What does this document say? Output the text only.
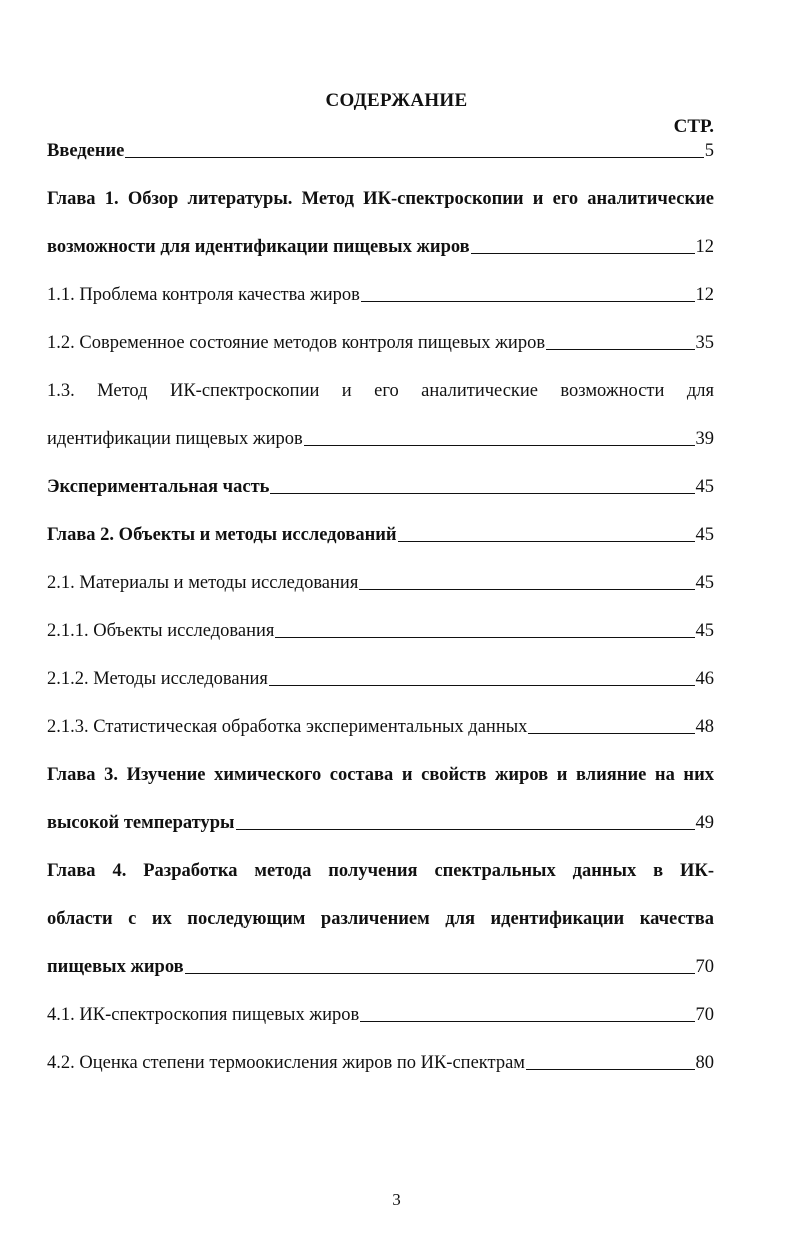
СОДЕРЖАНИЕ
СТР.
Введение	5
Глава 1. Обзор литературы. Метод ИК-спектроскопии и его аналитические
возможности для идентификации пищевых жиров	12
1.1. Проблема контроля качества жиров	12
1.2. Современное состояние методов контроля пищевых жиров	35
1.3. Метод ИК-спектроскопии и его аналитические возможности для
идентификации пищевых жиров	39
Экспериментальная часть	45
Глава 2. Объекты и методы исследований	45
2.1. Материалы и методы исследования	45
2.1.1. Объекты исследования	45
2.1.2. Методы исследования	46
2.1.3. Статистическая обработка экспериментальных данных	48
Глава 3. Изучение химического состава и свойств жиров и влияние на них
высокой температуры	49
Глава 4. Разработка метода получения спектральных данных в ИК-
области с их последующим различением для идентификации качества
пищевых жиров	70
4.1. ИК-спектроскопия пищевых жиров	70
4.2. Оценка степени термоокисления жиров по ИК-спектрам	80
3
